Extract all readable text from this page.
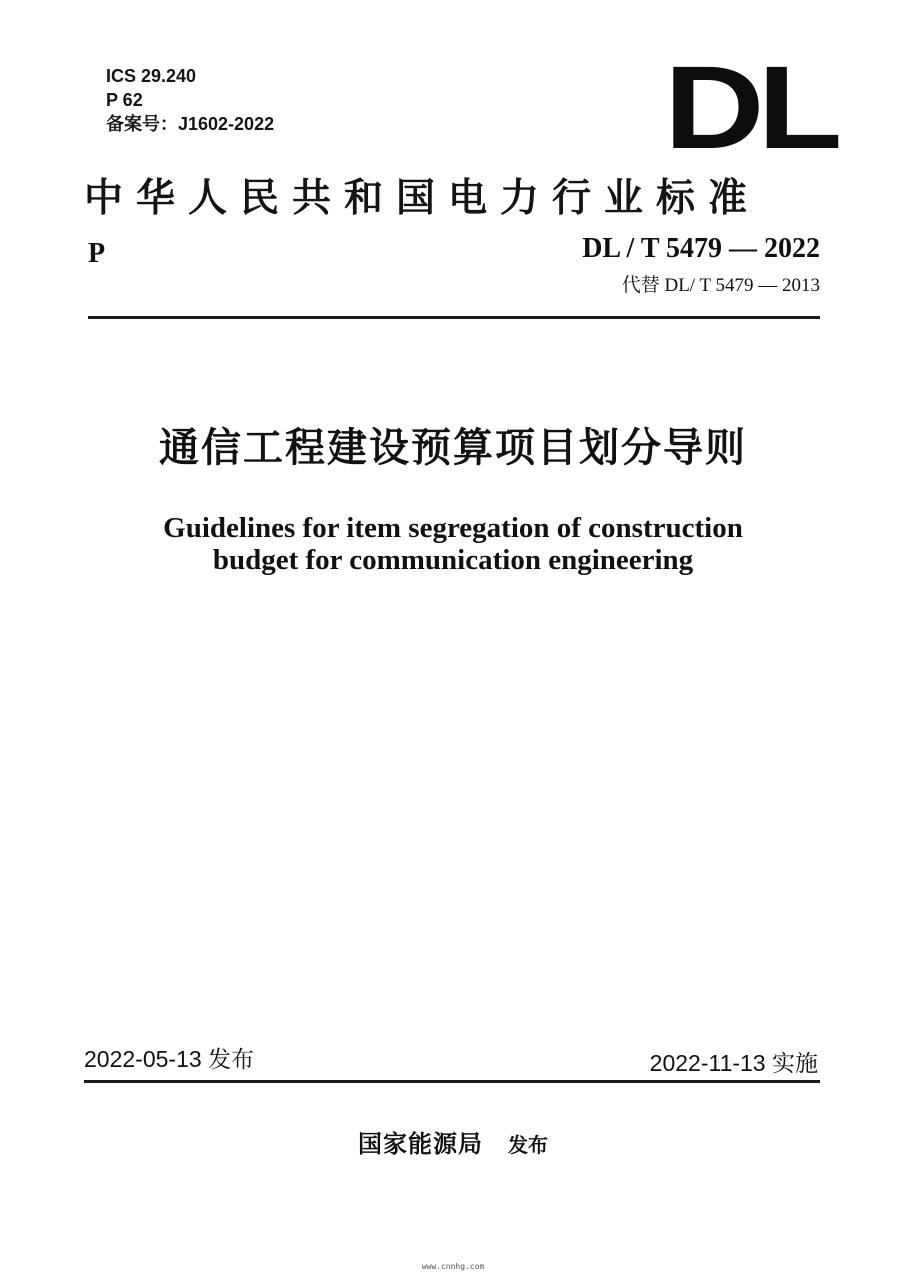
ICS 29.240
P 62
备案号：J1602-2022	DL
中华人民共和国电力行业标准
P	DL / T 5479 — 2022
代替 DL/ T 5479 — 2013
通信工程建设预算项目划分导则
Guidelines for item segregation of construction
budget for communication engineering
2022-05-13 发布	2022-11-13 实施
国家能源局 发布
www.cnnhg.com
